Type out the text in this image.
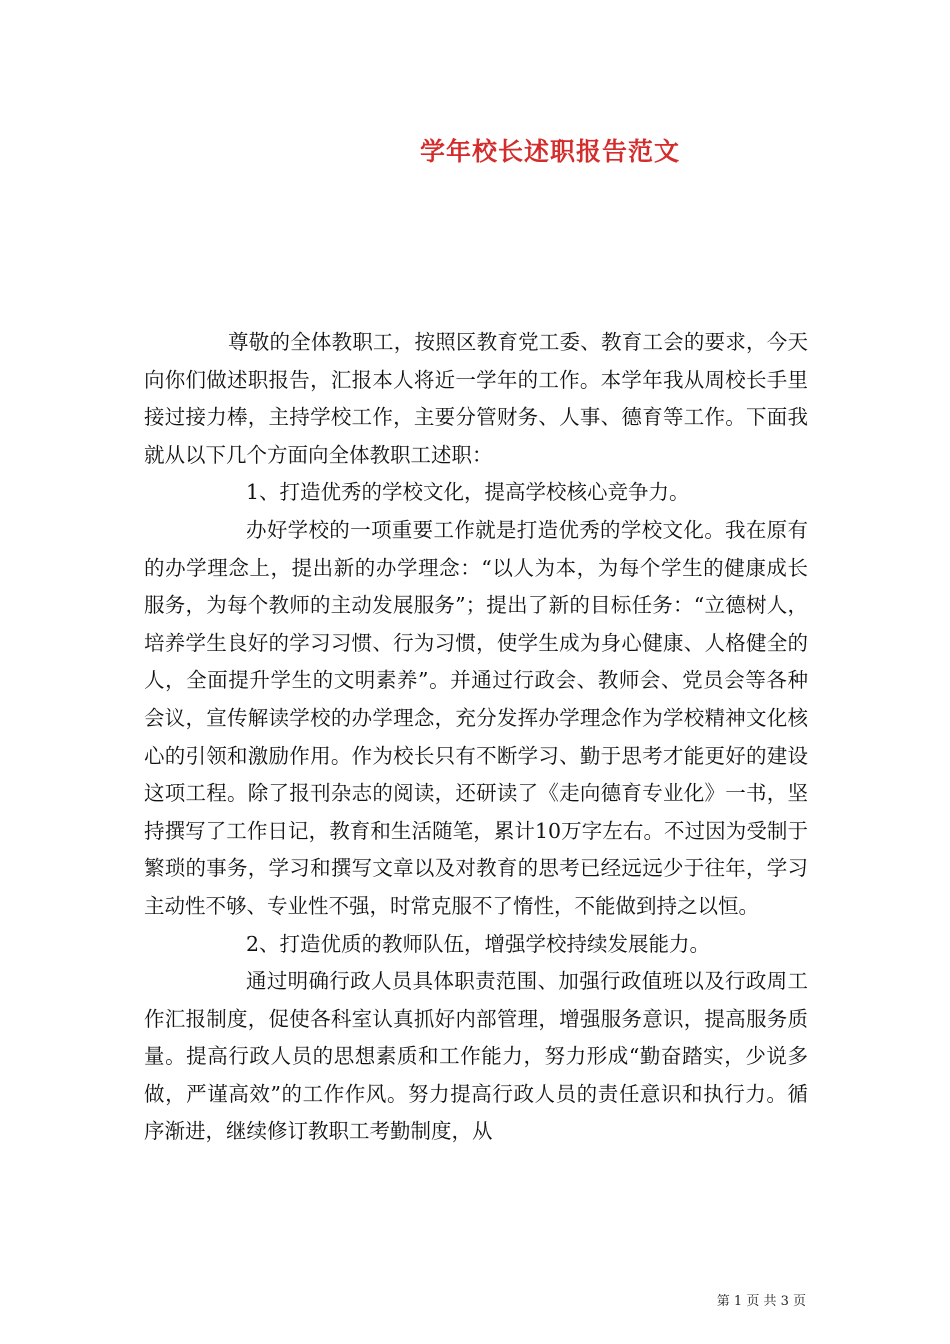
学年校长述职报告范文

尊敬的全体教职工，按照区教育党工委、教育工会的要求，今天向你们做述职报告，汇报本人将近一学年的工作。本学年我从周校长手里接过接力棒，主持学校工作，主要分管财务、人事、德育等工作。下面我就从以下几个方面向全体教职工述职：

1、打造优秀的学校文化，提高学校核心竞争力。

办好学校的一项重要工作就是打造优秀的学校文化。我在原有的办学理念上，提出新的办学理念：“以人为本，为每个学生的健康成长服务，为每个教师的主动发展服务”；提出了新的目标任务：“立德树人，培养学生良好的学习习惯、行为习惯，使学生成为身心健康、人格健全的人，全面提升学生的文明素养”。并通过行政会、教师会、党员会等各种会议，宣传解读学校的办学理念，充分发挥办学理念作为学校精神文化核心的引领和激励作用。作为校长只有不断学习、勤于思考才能更好的建设这项工程。除了报刊杂志的阅读，还研读了《走向德育专业化》一书，坚持撰写了工作日记，教育和生活随笔，累计10万字左右。不过因为受制于繁琐的事务，学习和撰写文章以及对教育的思考已经远远少于往年，学习主动性不够、专业性不强，时常克服不了惰性，不能做到持之以恒。

2、打造优质的教师队伍，增强学校持续发展能力。

通过明确行政人员具体职责范围、加强行政值班以及行政周工作汇报制度，促使各科室认真抓好内部管理，增强服务意识，提高服务质量。提高行政人员的思想素质和工作能力，努力形成“勤奋踏实，少说多做，严谨高效”的工作作风。努力提高行政人员的责任意识和执行力。循序渐进，继续修订教职工考勤制度，从

第 1 页 共 3 页
